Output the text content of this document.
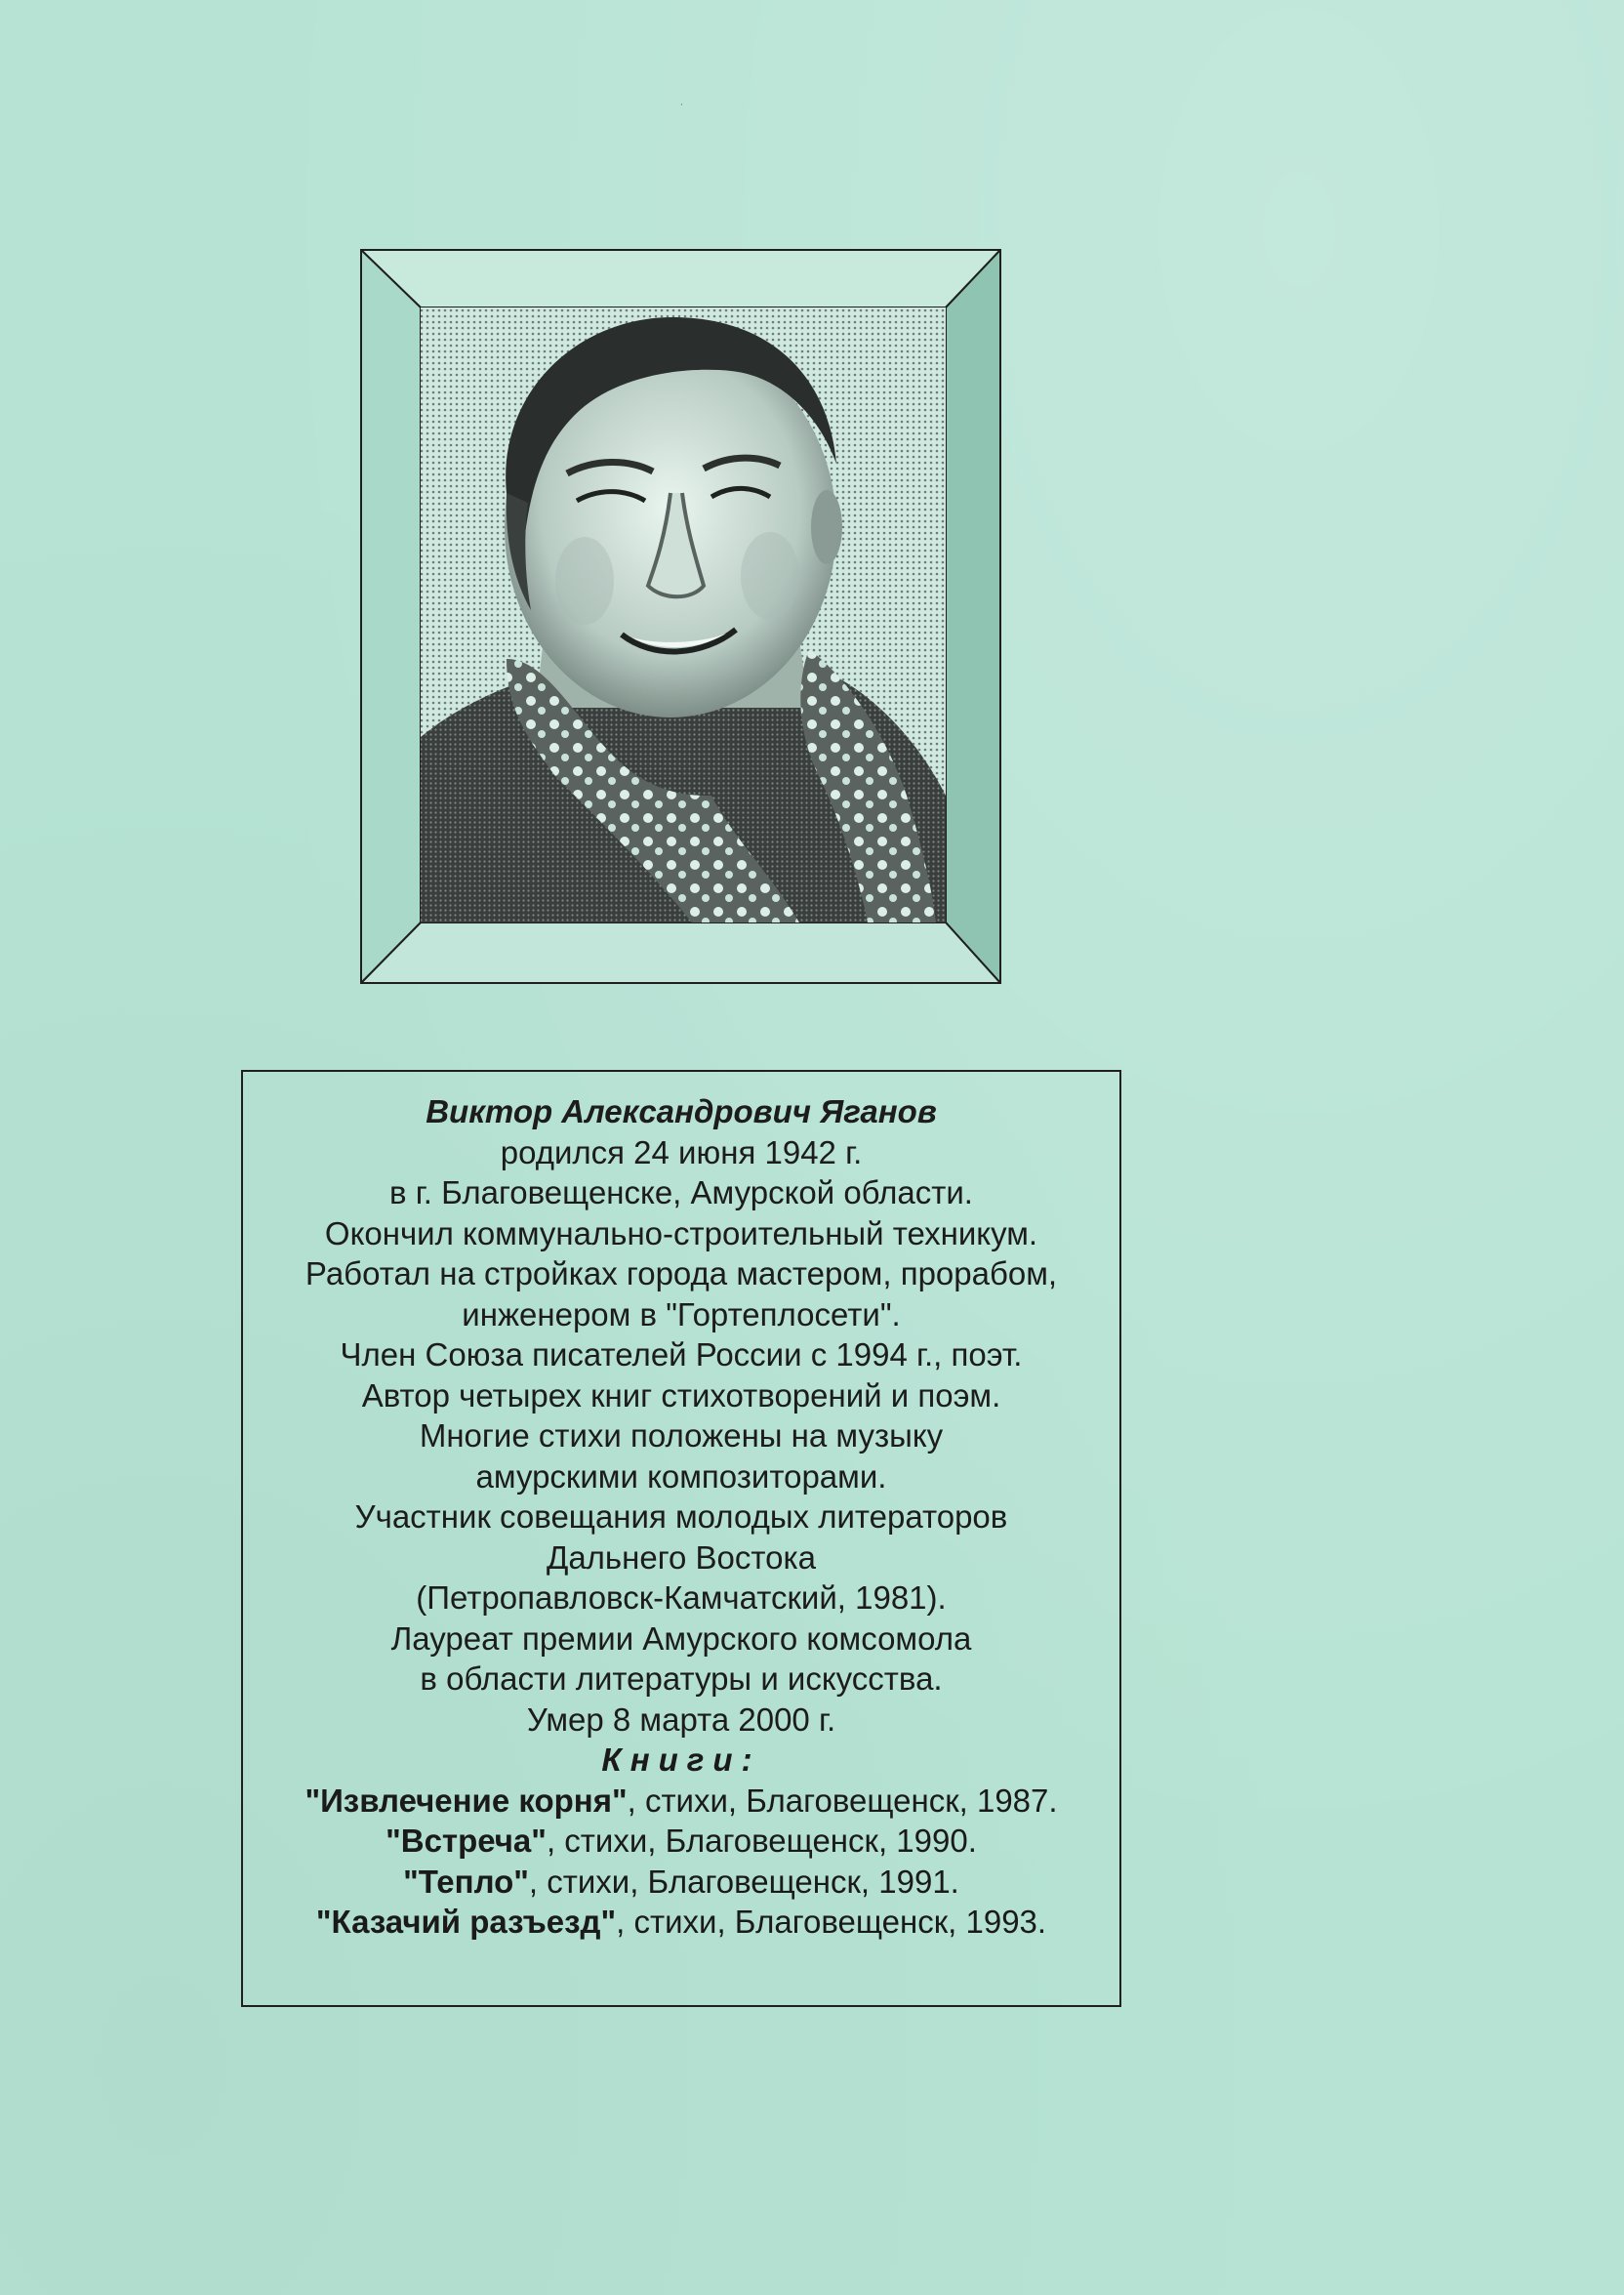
˙
Виктор Александрович Яганов
родился 24 июня 1942 г.
в г. Благовещенске, Амурской области.
Окончил коммунально-строительный техникум.
Работал на стройках города мастером, прорабом,
инженером в "Гортеплосети".
Член Союза писателей России с 1994 г., поэт.
Автор четырех книг стихотворений и поэм.
Многие стихи положены на музыку
амурскими композиторами.
Участник совещания молодых литераторов
Дальнего Востока
(Петропавловск-Камчатский, 1981).
Лауреат премии Амурского комсомола
в области литературы и искусства.
Умер 8 марта 2000 г.
Книги:
"Извлечение корня", стихи, Благовещенск, 1987.
"Встреча", стихи, Благовещенск, 1990.
"Тепло", стихи, Благовещенск, 1991.
"Казачий разъезд", стихи, Благовещенск, 1993.
